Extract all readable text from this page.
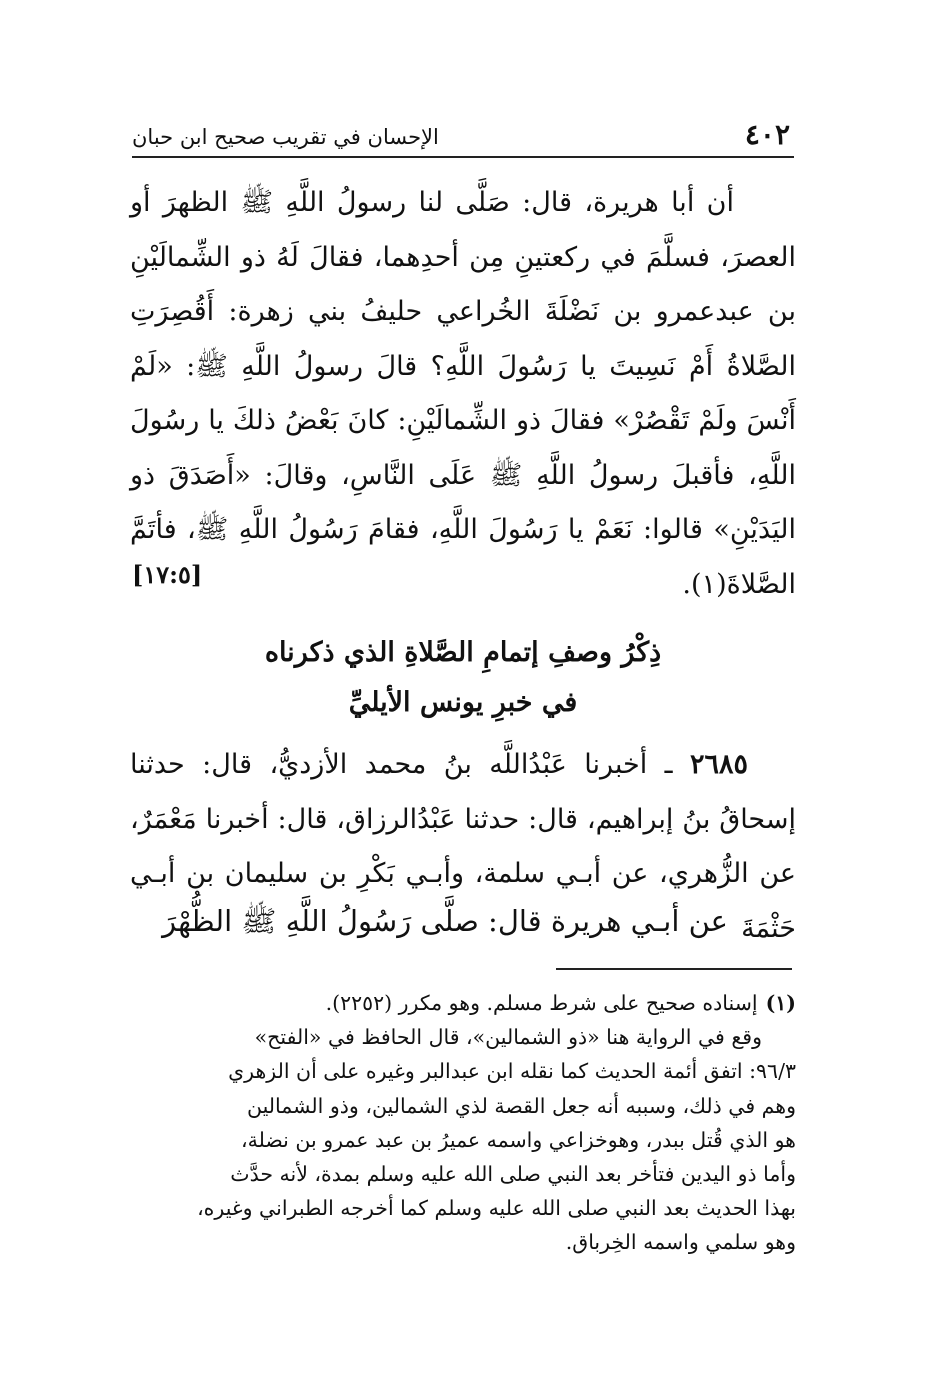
٤٠٢
الإحسان في تقريب صحيح ابن حبان

أن أبا هريرة، قال: صَلَّى لنا رسولُ اللَّهِ ﷺ الظهرَ أو العصرَ، فسلَّمَ في ركعتينِ مِن أحدِهما، فقالَ لَهُ ذو الشِّمالَيْنِ بن عبدعمرو بن نَضْلَةَ الخُراعي حليفُ بني زهرة: أَقُصِرَتِ الصَّلاةُ أَمْ نَسِيتَ يا رَسُولَ اللَّهِ؟ قالَ رسولُ اللَّهِ ﷺ: «لَمْ أَنْسَ ولَمْ تَقْصُرْ» فقالَ ذو الشِّمالَيْنِ: كانَ بَعْضُ ذلكَ يا رسُولَ اللَّهِ، فأقبلَ رسولُ اللَّهِ ﷺ عَلَى النَّاسِ، وقالَ: «أَصَدَقَ ذو اليَدَيْنِ» قالوا: نَعَمْ يا رَسُولَ اللَّهِ، فقامَ رَسُولُ اللَّهِ ﷺ، فأتَمَّ الصَّلاةَ(١).

[١٧:٥]
ذِكْرُ وصفِ إتمامِ الصَّلاةِ الذي ذكرناه
في خبرِ يونس الأيليِّ

٢٦٨٥ ـ أخبرنا عَبْدُاللَّه بنُ محمد الأزديُّ، قال: حدثنا إسحاقُ بنُ إبراهيم، قال: حدثنا عَبْدُالرزاق، قال: أخبرنا مَعْمَرٌ، عن الزُّهري، عن أبـي سلمة، وأبـي بَكْرِ بن سليمان بن أبـي حَثْمَةَ

عن أبـي هريرة قال: صلَّى رَسُولُ اللَّهِ ﷺ الظُّهْرَ

(١)إسناده صحيح على شرط مسلم. وهو مكرر (٢٢٥٢).
وقع في الرواية هنا «ذو الشمالين»، قال الحافظ في «الفتح»
٩٦/٣: اتفق أئمة الحديث كما نقله ابن عبدالبر وغيره على أن الزهري
وهم في ذلك، وسببه أنه جعل القصة لذي الشمالين، وذو الشمالين
هو الذي قُتل ببدر، وهوخزاعي واسمه عميرُ بن عبد عمرو بن نضلة،
وأما ذو اليدين فتأخر بعد النبي صلى الله عليه وسلم بمدة، لأنه حدَّث
بهذا الحديث بعد النبي صلى الله عليه وسلم كما أخرجه الطبراني وغيره،
وهو سلمي واسمه الخِرباق.
